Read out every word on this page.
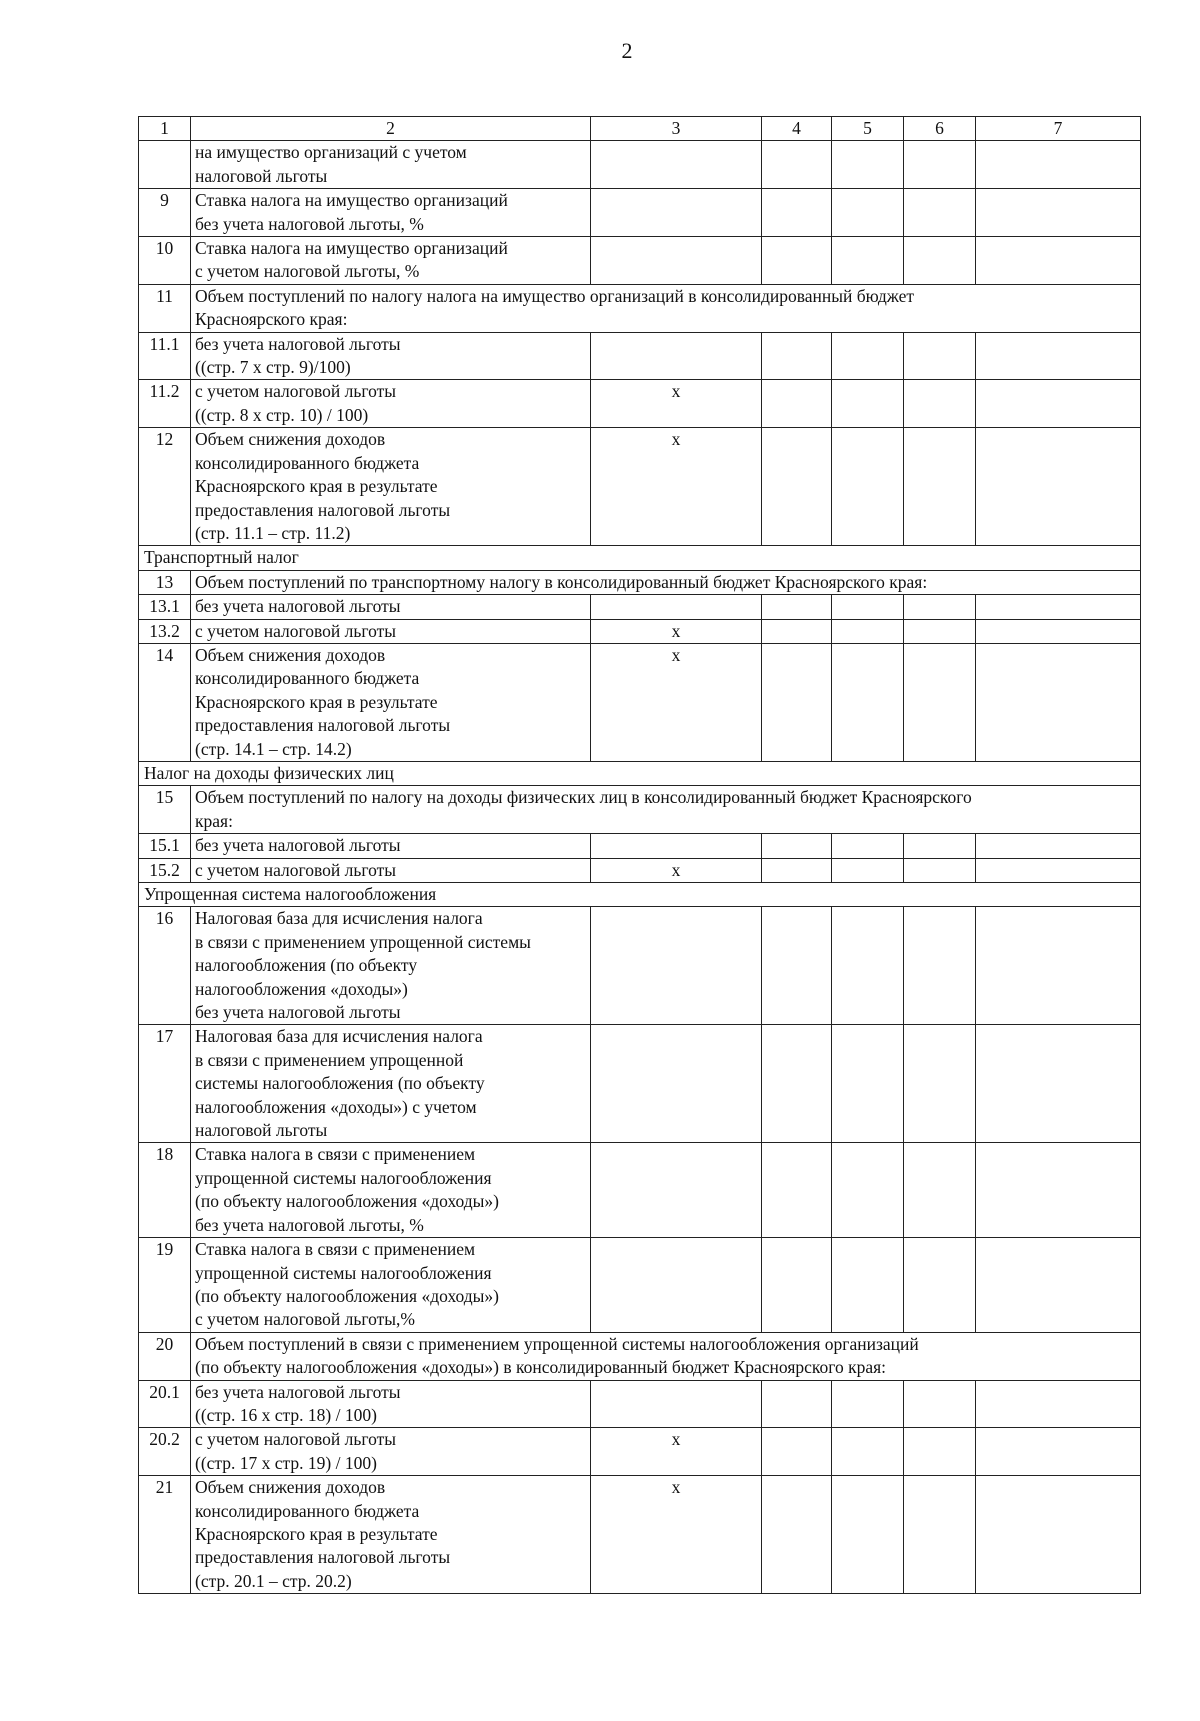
2
1	2	3	4	5	6	7
	на имущество организаций с учетом
налоговой льготы					
9	Ставка налога на имущество организаций
без учета налоговой льготы, %					
10	Ставка налога на имущество организаций
с учетом налоговой льготы, %					
11	Объем поступлений по налогу налога на имущество организаций в консолидированный бюджет
Красноярского края:					
11.1	без учета налоговой льготы
((стр. 7 x стр. 9)/100)					
11.2	с учетом налоговой льготы
((стр. 8 x стр. 10) / 100)	x				
12	Объем снижения доходов
консолидированного бюджета
Красноярского края в результате
предоставления налоговой льготы
(стр. 11.1 – стр. 11.2)	x				
Транспортный налог						
13	Объем поступлений по транспортному налогу в консолидированный бюджет Красноярского края:					
13.1	без учета налоговой льготы					
13.2	с учетом налоговой льготы	x				
14	Объем снижения доходов
консолидированного бюджета
Красноярского края в результате
предоставления налоговой льготы
(стр. 14.1 – стр. 14.2)	x				
Налог на доходы физических лиц						
15	Объем поступлений по налогу на доходы физических лиц в консолидированный бюджет Красноярского
края:					
15.1	без учета налоговой льготы					
15.2	с учетом налоговой льготы	x				
Упрощенная система налогообложения						
16	Налоговая база для исчисления налога
в связи с применением упрощенной системы
налогообложения (по объекту
налогообложения «доходы»)
без учета налоговой льготы					
17	Налоговая база для исчисления налога
в связи с применением упрощенной
системы налогообложения (по объекту
налогообложения «доходы») с учетом
налоговой льготы					
18	Ставка налога в связи с применением
упрощенной системы налогообложения
(по объекту налогообложения «доходы»)
без учета налоговой льготы, %					
19	Ставка налога в связи с применением
упрощенной системы налогообложения
(по объекту налогообложения «доходы»)
с учетом налоговой льготы,%					
20	Объем поступлений в связи с применением упрощенной системы налогообложения организаций
(по объекту налогообложения «доходы») в консолидированный бюджет Красноярского края:					
20.1	без учета налоговой льготы
((стр. 16 x стр. 18) / 100)					
20.2	с учетом налоговой льготы
((стр. 17 x стр. 19) / 100)	x				
21	Объем снижения доходов
консолидированного бюджета
Красноярского края в результате
предоставления налоговой льготы
(стр. 20.1 – стр. 20.2)	x				
